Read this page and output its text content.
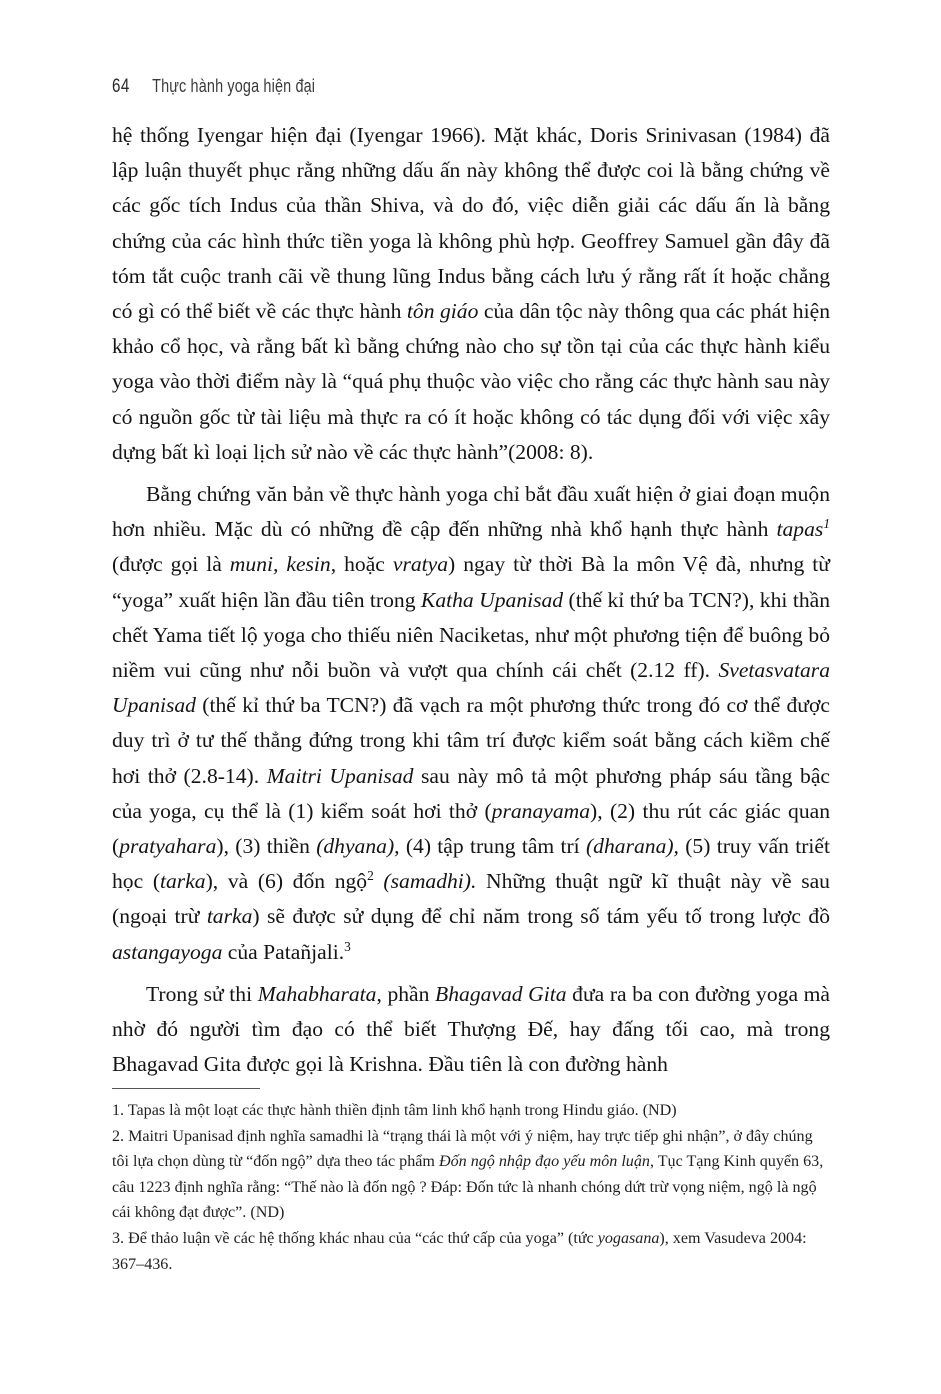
64 Thực hành yoga hiện đại

hệ thống Iyengar hiện đại (Iyengar 1966). Mặt khác, Doris Srinivasan (1984) đã lập luận thuyết phục rằng những dấu ấn này không thể được coi là bằng chứng về các gốc tích Indus của thần Shiva, và do đó, việc diễn giải các dấu ấn là bằng chứng của các hình thức tiền yoga là không phù hợp. Geoffrey Samuel gần đây đã tóm tắt cuộc tranh cãi về thung lũng Indus bằng cách lưu ý rằng rất ít hoặc chẳng có gì có thể biết về các thực hành tôn giáo của dân tộc này thông qua các phát hiện khảo cổ học, và rằng bất kì bằng chứng nào cho sự tồn tại của các thực hành kiểu yoga vào thời điểm này là “quá phụ thuộc vào việc cho rằng các thực hành sau này có nguồn gốc từ tài liệu mà thực ra có ít hoặc không có tác dụng đối với việc xây dựng bất kì loại lịch sử nào về các thực hành”(2008: 8).

Bằng chứng văn bản về thực hành yoga chỉ bắt đầu xuất hiện ở giai đoạn muộn hơn nhiều. Mặc dù có những đề cập đến những nhà khổ hạnh thực hành tapas$^1$ (được gọi là muni, kesin, hoặc vratya) ngay từ thời Bà la môn Vệ đà, nhưng từ “yoga” xuất hiện lần đầu tiên trong Katha Upanisad (thế kỉ thứ ba TCN?), khi thần chết Yama tiết lộ yoga cho thiếu niên Naciketas, như một phương tiện để buông bỏ niềm vui cũng như nỗi buồn và vượt qua chính cái chết (2.12 ff). Svetasvatara Upanisad (thế kỉ thứ ba TCN?) đã vạch ra một phương thức trong đó cơ thể được duy trì ở tư thế thẳng đứng trong khi tâm trí được kiểm soát bằng cách kiềm chế hơi thở (2.8-14). Maitri Upanisad sau này mô tả một phương pháp sáu tầng bậc của yoga, cụ thể là (1) kiểm soát hơi thở (pranayama), (2) thu rút các giác quan (pratyahara), (3) thiền (dhyana), (4) tập trung tâm trí (dharana), (5) truy vấn triết học (tarka), và (6) đốn ngộ$^2$ (samadhi). Những thuật ngữ kĩ thuật này về sau (ngoại trừ tarka) sẽ được sử dụng để chỉ năm trong số tám yếu tố trong lược đồ astangayoga của Patañjali.$^3$

Trong sử thi Mahabharata, phần Bhagavad Gita đưa ra ba con đường yoga mà nhờ đó người tìm đạo có thể biết Thượng Đế, hay đấng tối cao, mà trong Bhagavad Gita được gọi là Krishna. Đầu tiên là con đường hành

1. Tapas là một loạt các thực hành thiền định tâm linh khổ hạnh trong Hindu giáo. (ND)

2. Maitri Upanisad định nghĩa samadhi là “trạng thái là một với ý niệm, hay trực tiếp ghi nhận”, ở đây chúng tôi lựa chọn dùng từ “đốn ngộ” dựa theo tác phẩm Đốn ngộ nhập đạo yếu môn luận, Tục Tạng Kinh quyển 63, câu 1223 định nghĩa rằng: “Thế nào là đốn ngộ ? Đáp: Đốn tức là nhanh chóng dứt trừ vọng niệm, ngộ là ngộ cái không đạt được”. (ND)

3. Để thảo luận về các hệ thống khác nhau của “các thứ cấp của yoga” (tức yogasana), xem Vasudeva 2004: 367–436.
